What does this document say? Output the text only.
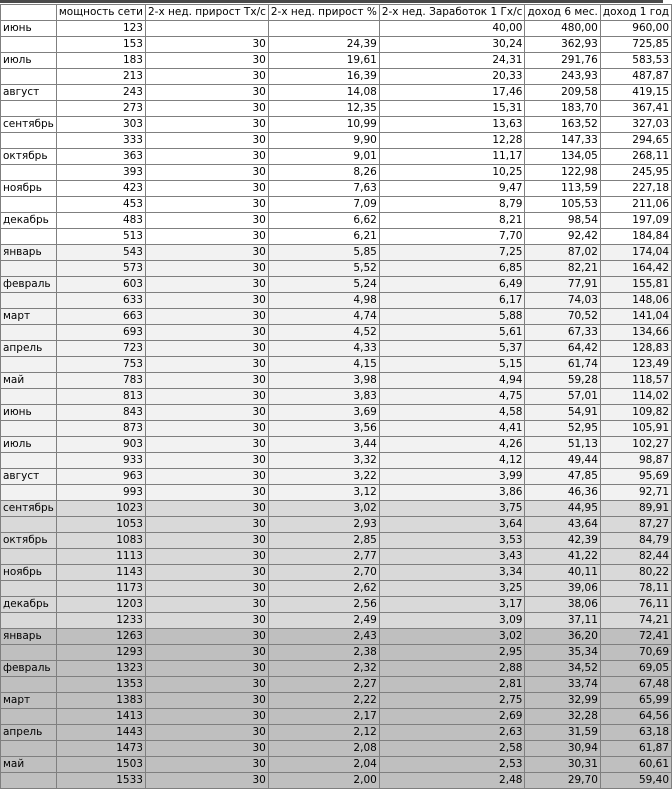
	мощность сети	2-х нед. прирост Tx/c	2-х нед. прирост %	2-х нед. Заработок 1 Гх/с	доход 6 мес.	доход 1 год
июнь	123			40,00	480,00	960,00
	153	30	24,39	30,24	362,93	725,85
июль	183	30	19,61	24,31	291,76	583,53
	213	30	16,39	20,33	243,93	487,87
август	243	30	14,08	17,46	209,58	419,15
	273	30	12,35	15,31	183,70	367,41
сентябрь	303	30	10,99	13,63	163,52	327,03
	333	30	9,90	12,28	147,33	294,65
октябрь	363	30	9,01	11,17	134,05	268,11
	393	30	8,26	10,25	122,98	245,95
ноябрь	423	30	7,63	9,47	113,59	227,18
	453	30	7,09	8,79	105,53	211,06
декабрь	483	30	6,62	8,21	98,54	197,09
	513	30	6,21	7,70	92,42	184,84
январь	543	30	5,85	7,25	87,02	174,04
	573	30	5,52	6,85	82,21	164,42
февраль	603	30	5,24	6,49	77,91	155,81
	633	30	4,98	6,17	74,03	148,06
март	663	30	4,74	5,88	70,52	141,04
	693	30	4,52	5,61	67,33	134,66
апрель	723	30	4,33	5,37	64,42	128,83
	753	30	4,15	5,15	61,74	123,49
май	783	30	3,98	4,94	59,28	118,57
	813	30	3,83	4,75	57,01	114,02
июнь	843	30	3,69	4,58	54,91	109,82
	873	30	3,56	4,41	52,95	105,91
июль	903	30	3,44	4,26	51,13	102,27
	933	30	3,32	4,12	49,44	98,87
август	963	30	3,22	3,99	47,85	95,69
	993	30	3,12	3,86	46,36	92,71
сентябрь	1023	30	3,02	3,75	44,95	89,91
	1053	30	2,93	3,64	43,64	87,27
октябрь	1083	30	2,85	3,53	42,39	84,79
	1113	30	2,77	3,43	41,22	82,44
ноябрь	1143	30	2,70	3,34	40,11	80,22
	1173	30	2,62	3,25	39,06	78,11
декабрь	1203	30	2,56	3,17	38,06	76,11
	1233	30	2,49	3,09	37,11	74,21
январь	1263	30	2,43	3,02	36,20	72,41
	1293	30	2,38	2,95	35,34	70,69
февраль	1323	30	2,32	2,88	34,52	69,05
	1353	30	2,27	2,81	33,74	67,48
март	1383	30	2,22	2,75	32,99	65,99
	1413	30	2,17	2,69	32,28	64,56
апрель	1443	30	2,12	2,63	31,59	63,18
	1473	30	2,08	2,58	30,94	61,87
май	1503	30	2,04	2,53	30,31	60,61
	1533	30	2,00	2,48	29,70	59,40
